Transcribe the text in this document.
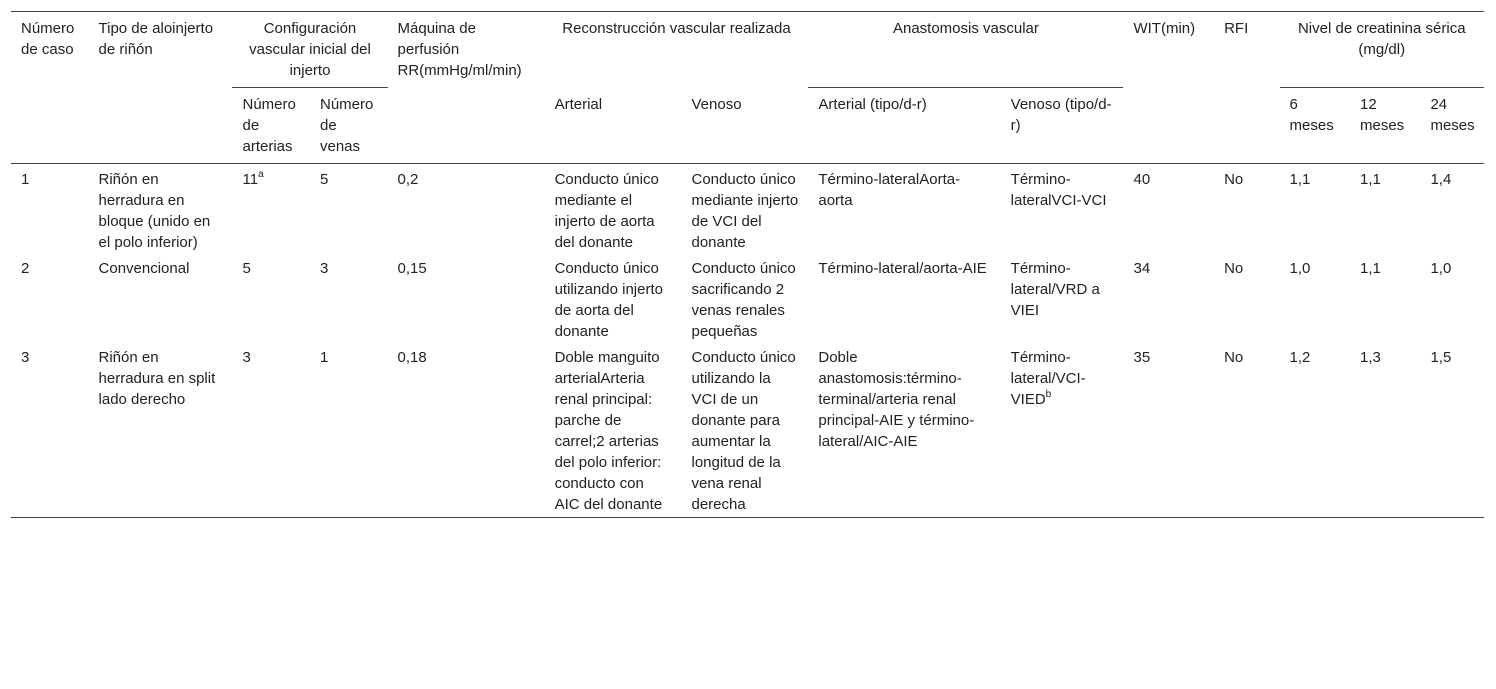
Número de caso	Tipo de aloinjerto de riñón	Configuración vascular inicial del injerto		Máquina de perfusión RR(mmHg/ml/min)	Reconstrucción vascular realizada		Anastomosis vascular		WIT(min)	RFI	Nivel de creatinina sérica (mg/dl)		
		Número de arterias	Número de venas		Arterial	Venoso	Arterial (tipo/d-r)	Venoso (tipo/d-r)			6 meses	12 meses	24 meses
1	Riñón en herradura en bloque (unido en el polo inferior)	11$^a$	5	0,2	Conducto único mediante el injerto de aorta del donante	Conducto único mediante injerto de VCI del donante	Término-lateralAorta-aorta	Término-lateralVCI-VCI	40	No	1,1	1,1	1,4
2	Convencional	5	3	0,15	Conducto único utilizando injerto de aorta del donante	Conducto único sacrificando 2 venas renales pequeñas	Término-lateral/aorta-AIE	Término-lateral/VRD a VIEI	34	No	1,0	1,1	1,0
3	Riñón en herradura en split lado derecho	3	1	0,18	Doble manguito arterialArteria renal principal: parche de carrel;2 arterias del polo inferior: conducto con AIC del donante	Conducto único utilizando la VCI de un donante para aumentar la longitud de la vena renal derecha	Doble anastomosis:término-terminal/arteria renal principal-AIE y término-lateral/AIC-AIE	Término-lateral/VCI-VIED$^b$	35	No	1,2	1,3	1,5
